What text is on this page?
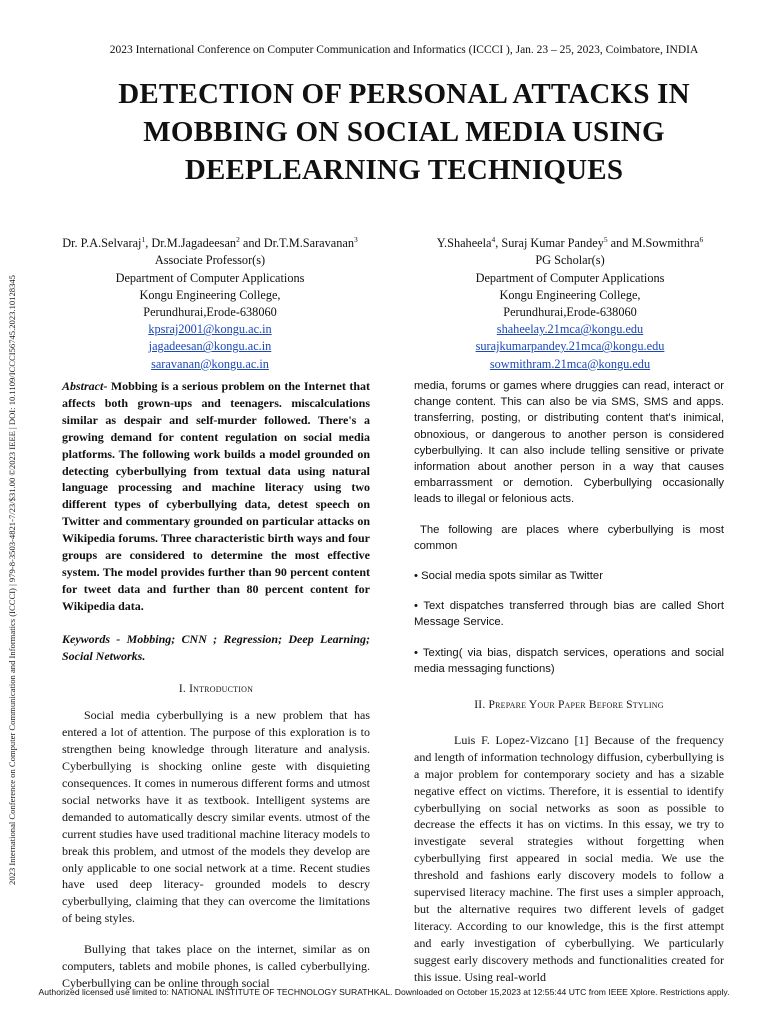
2023 International Conference on Computer Communication and Informatics (ICCCI) | 979-8-3503-4821-7/23/$31.00 ©2023 IEEE | DOI: 10.1109/ICCCI56745.2023.10128345
2023 International Conference on Computer Communication and Informatics (ICCCI ), Jan. 23 – 25, 2023, Coimbatore, INDIA
DETECTION OF PERSONAL ATTACKS IN
MOBBING ON SOCIAL MEDIA USING
DEEPLEARNING TECHNIQUES
Dr. P.A.Selvaraj$^1$, Dr.M.Jagadeesan$^2$ and Dr.T.M.Saravanan$^3$
Associate Professor(s)
Department of Computer Applications
Kongu Engineering College,
Perundhurai,Erode-638060
kpsraj2001@kongu.ac.in
jagadeesan@kongu.ac.in
saravanan@kongu.ac.in
Y.Shaheela$^4$, Suraj Kumar Pandey$^5$ and M.Sowmithra$^6$
PG Scholar(s)
Department of Computer Applications
Kongu Engineering College,
Perundhurai,Erode-638060
shaheelay.21mca@kongu.edu
surajkumarpandey.21mca@kongu.edu
sowmithram.21mca@kongu.edu

Abstract- Mobbing is a serious problem on the Internet that affects both grown-ups and teenagers. miscalculations similar as despair and self-murder followed. There's a growing demand for content regulation on social media platforms. The following work builds a model grounded on detecting cyberbullying from textual data using natural language processing and machine literacy using two different types of cyberbullying data, detest speech on Twitter and commentary grounded on particular attacks on Wikipedia forums. Three characteristic birth ways and four groups are considered to determine the most effective system. The model provides further than 90 percent content for tweet data and further than 80 percent content for Wikipedia data.

Keywords - Mobbing; CNN ; Regression; Deep Learning; Social Networks.

I. Introduction

Social media cyberbullying is a new problem that has entered a lot of attention. The purpose of this exploration is to strengthen being knowledge through literature and analysis. Cyberbullying is shocking online geste with disquieting consequences. It comes in numerous different forms and utmost social networks have it as textbook. Intelligent systems are demanded to automatically descry similar events. utmost of the current studies have used traditional machine literacy models to break this problem, and utmost of the models they develop are only applicable to one social network at a time. Recent studies have used deep literacy- grounded models to descry cyberbullying, claiming that they can overcome the limitations of being styles.

Bullying that takes place on the internet, similar as on computers, tablets and mobile phones, is called cyberbullying. Cyberbullying can be online through social

media, forums or games where druggies can read, interact or change content. This can also be via SMS, SMS and apps. transferring, posting, or distributing content that's inimical, obnoxious, or dangerous to another person is considered cyberbullying. It can also include telling sensitive or private information about another person in a way that causes embarrassment or demotion. Cyberbullying occasionally leads to illegal or felonious acts.

The following are places where cyberbullying is most common

• Social media spots similar as Twitter

• Text dispatches transferred through bias are called Short Message Service.

• Texting( via bias, dispatch services, operations and social media messaging functions)

II. Prepare Your Paper Before Styling

Luis F. Lopez-Vizcano [1] Because of the frequency and length of information technology diffusion, cyberbullying is a major problem for contemporary society and has a sizable negative effect on victims. Therefore, it is essential to identify cyberbullying on social networks as soon as possible to decrease the effects it has on victims. In this essay, we try to investigate several strategies without forgetting when cyberbullying first appeared in social media. We use the threshold and fashions early discovery models to follow a supervised literacy machine. The first uses a simpler approach, but the alternative requires two different levels of gadget literacy. According to our knowledge, this is the first attempt and early investigation of cyberbullying. We particularly suggest early discovery methods and functionalities created for this issue. Using real-world

Authorized licensed use limited to: NATIONAL INSTITUTE OF TECHNOLOGY SURATHKAL. Downloaded on October 15,2023 at 12:55:44 UTC from IEEE Xplore. Restrictions apply.
